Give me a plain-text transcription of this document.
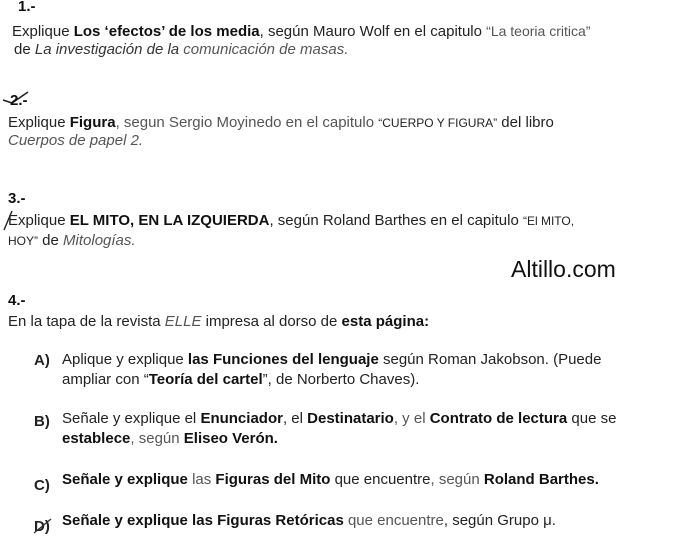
1.-
Explique Los ‘efectos’ de los media, según Mauro Wolf en el capitulo “La teoria critica”
de La investigación de la comunicación de masas.
2.-
Explique Figura, segun Sergio Moyinedo en el capitulo “CUERPO Y FIGURA” del libro
Cuerpos de papel 2.
3.-
Explique EL MITO, EN LA IZQUIERDA, según Roland Barthes en el capitulo “El MITO,
HOY” de Mitologías.
Altillo.com
4.-
En la tapa de la revista ELLE impresa al dorso de esta página:
A) Aplique y explique las Funciones del lenguaje según Roman Jakobson. (Puede
ampliar con “Teoría del cartel”, de Norberto Chaves).
B) Señale y explique el Enunciador, el Destinatario, y el Contrato de lectura que se
establece, según Eliseo Verón.
C) Señale y explique las Figuras del Mito que encuentre, según Roland Barthes.
D) Señale y explique las Figuras Retóricas que encuentre, según Grupo μ.
